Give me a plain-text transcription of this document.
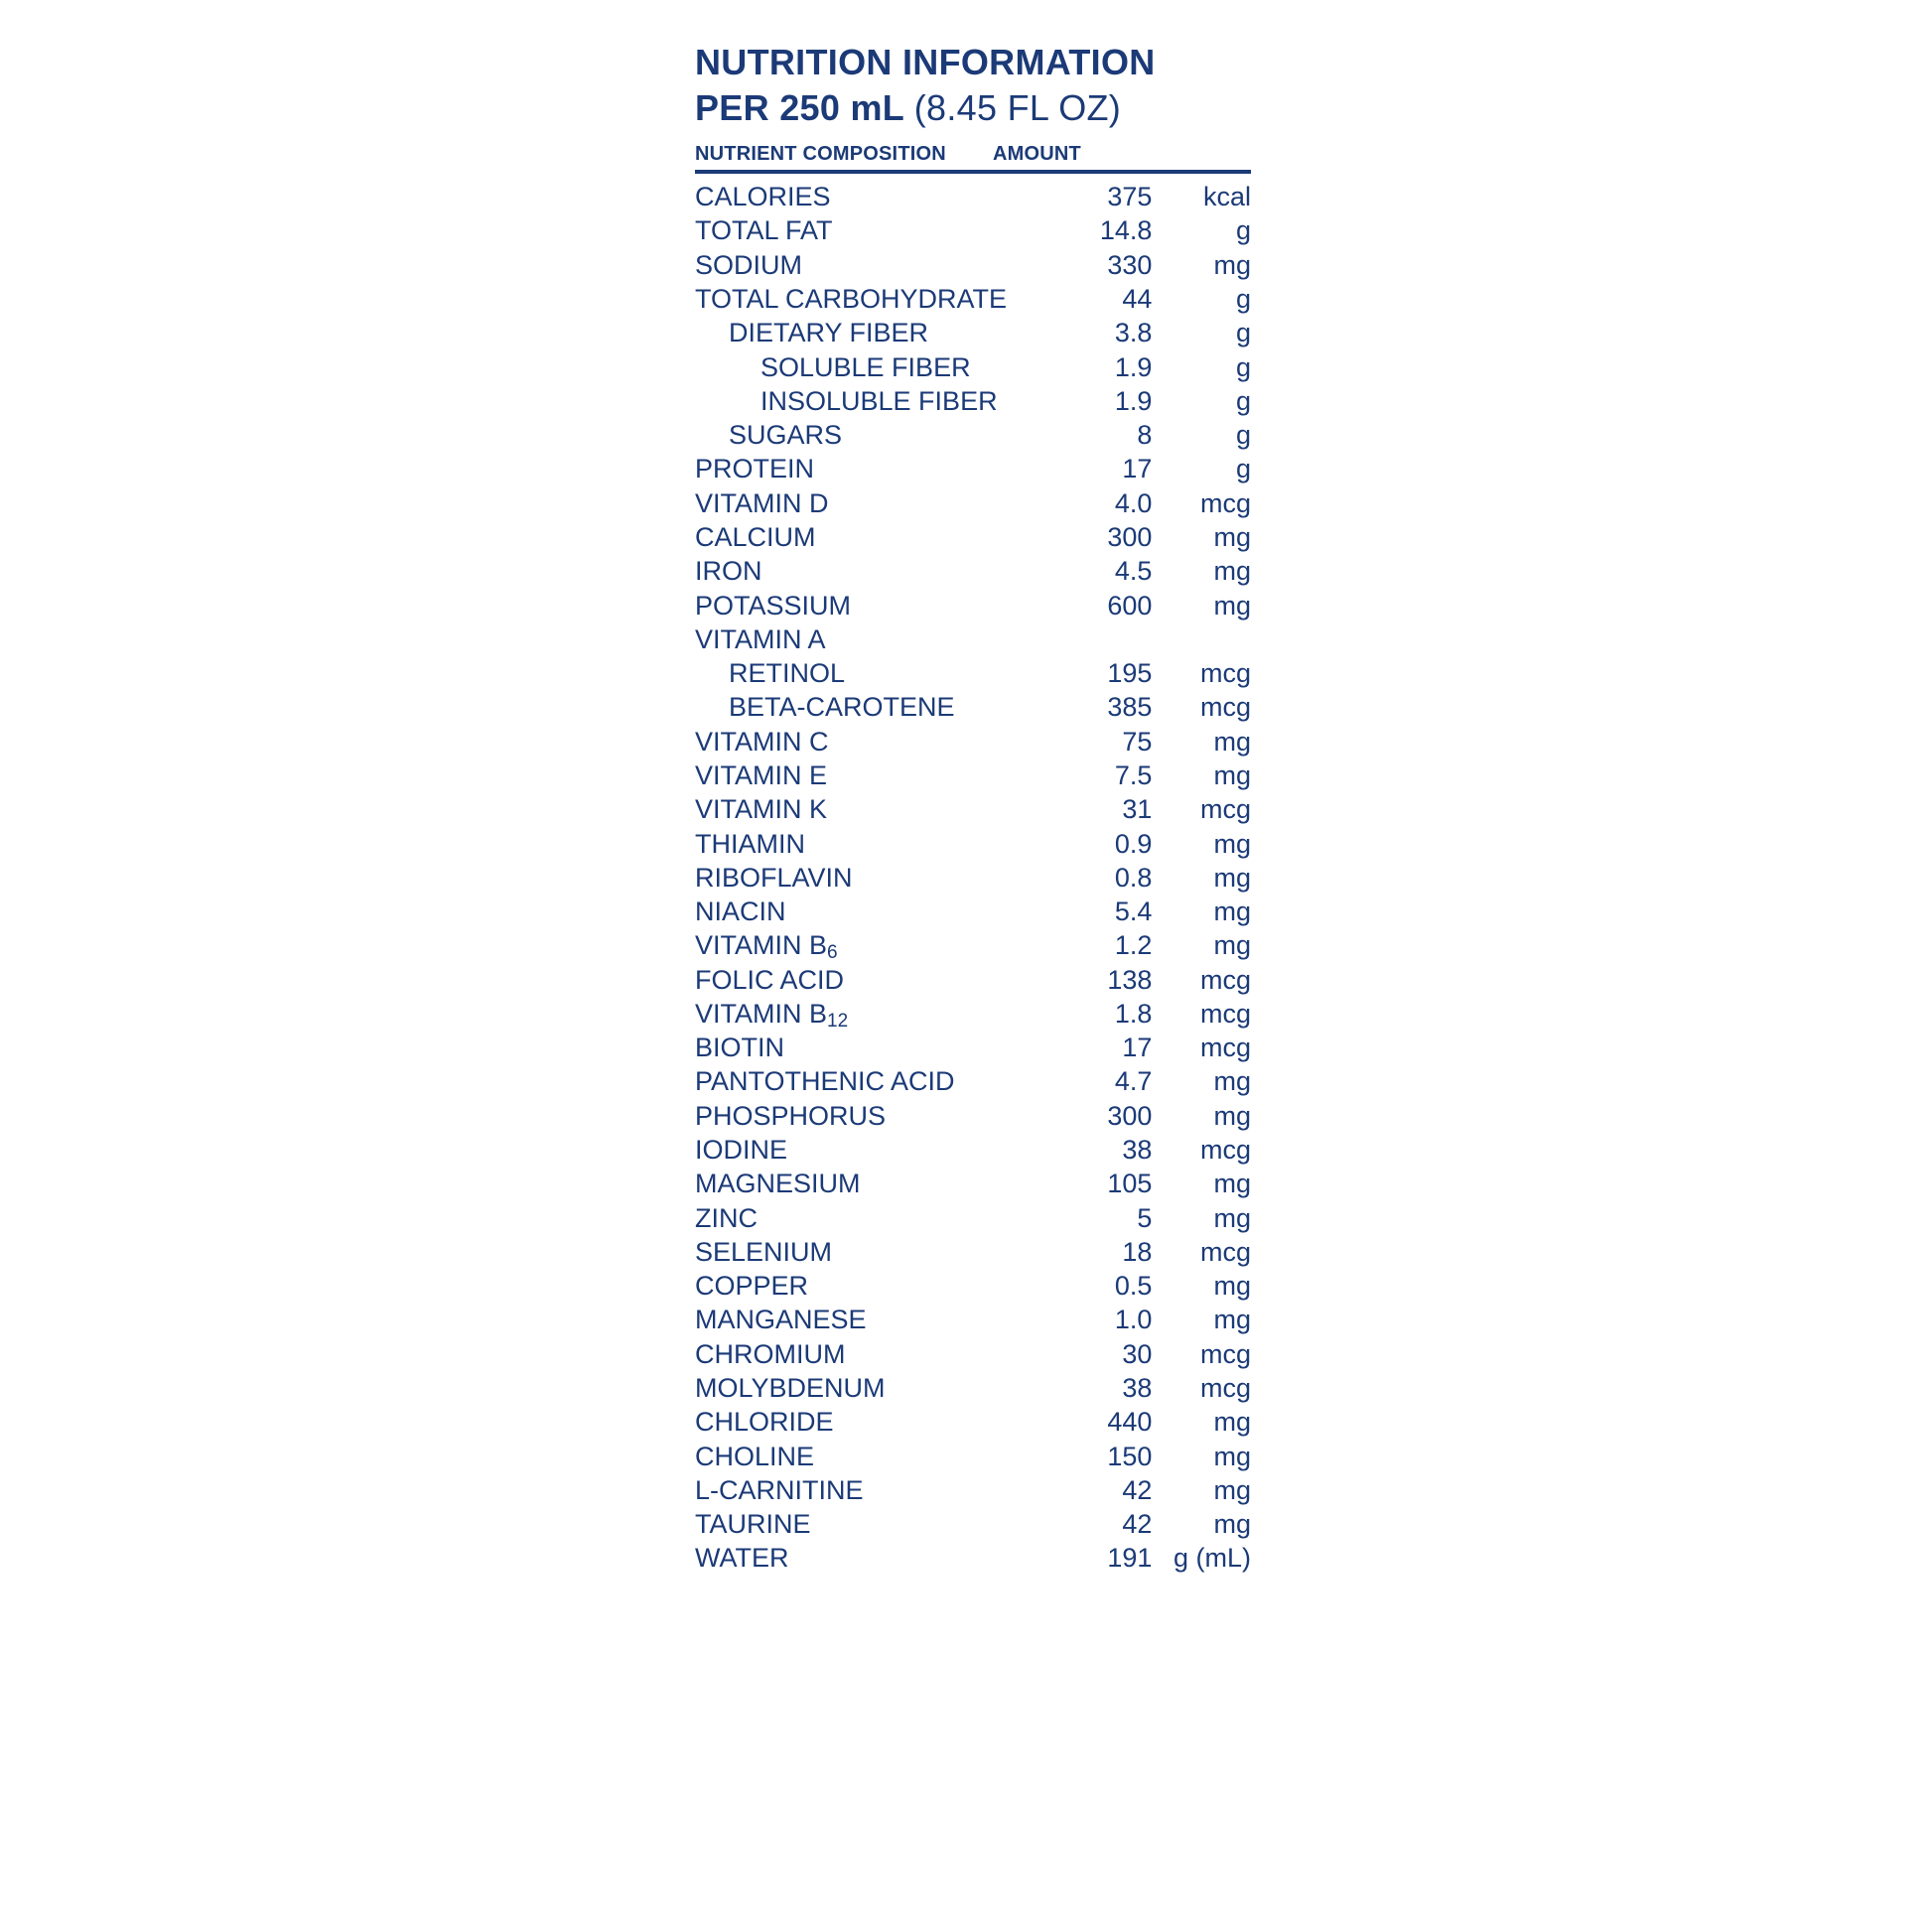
NUTRITION INFORMATION
PER 250 mL (8.45 FL OZ)
NUTRIENT COMPOSITION	AMOUNT
CALORIES	375	kcal
TOTAL FAT	14.8	g
SODIUM	330	mg
TOTAL CARBOHYDRATE	44	g
DIETARY FIBER	3.8	g
SOLUBLE FIBER	1.9	g
INSOLUBLE FIBER	1.9	g
SUGARS	8	g
PROTEIN	17	g
VITAMIN D	4.0	mcg
CALCIUM	300	mg
IRON	4.5	mg
POTASSIUM	600	mg
VITAMIN A		
RETINOL	195	mcg
BETA-CAROTENE	385	mcg
VITAMIN C	75	mg
VITAMIN E	7.5	mg
VITAMIN K	31	mcg
THIAMIN	0.9	mg
RIBOFLAVIN	0.8	mg
NIACIN	5.4	mg
VITAMIN B6	1.2	mg
FOLIC ACID	138	mcg
VITAMIN B12	1.8	mcg
BIOTIN	17	mcg
PANTOTHENIC ACID	4.7	mg
PHOSPHORUS	300	mg
IODINE	38	mcg
MAGNESIUM	105	mg
ZINC	5	mg
SELENIUM	18	mcg
COPPER	0.5	mg
MANGANESE	1.0	mg
CHROMIUM	30	mcg
MOLYBDENUM	38	mcg
CHLORIDE	440	mg
CHOLINE	150	mg
L-CARNITINE	42	mg
TAURINE	42	mg
WATER	191	g (mL)
